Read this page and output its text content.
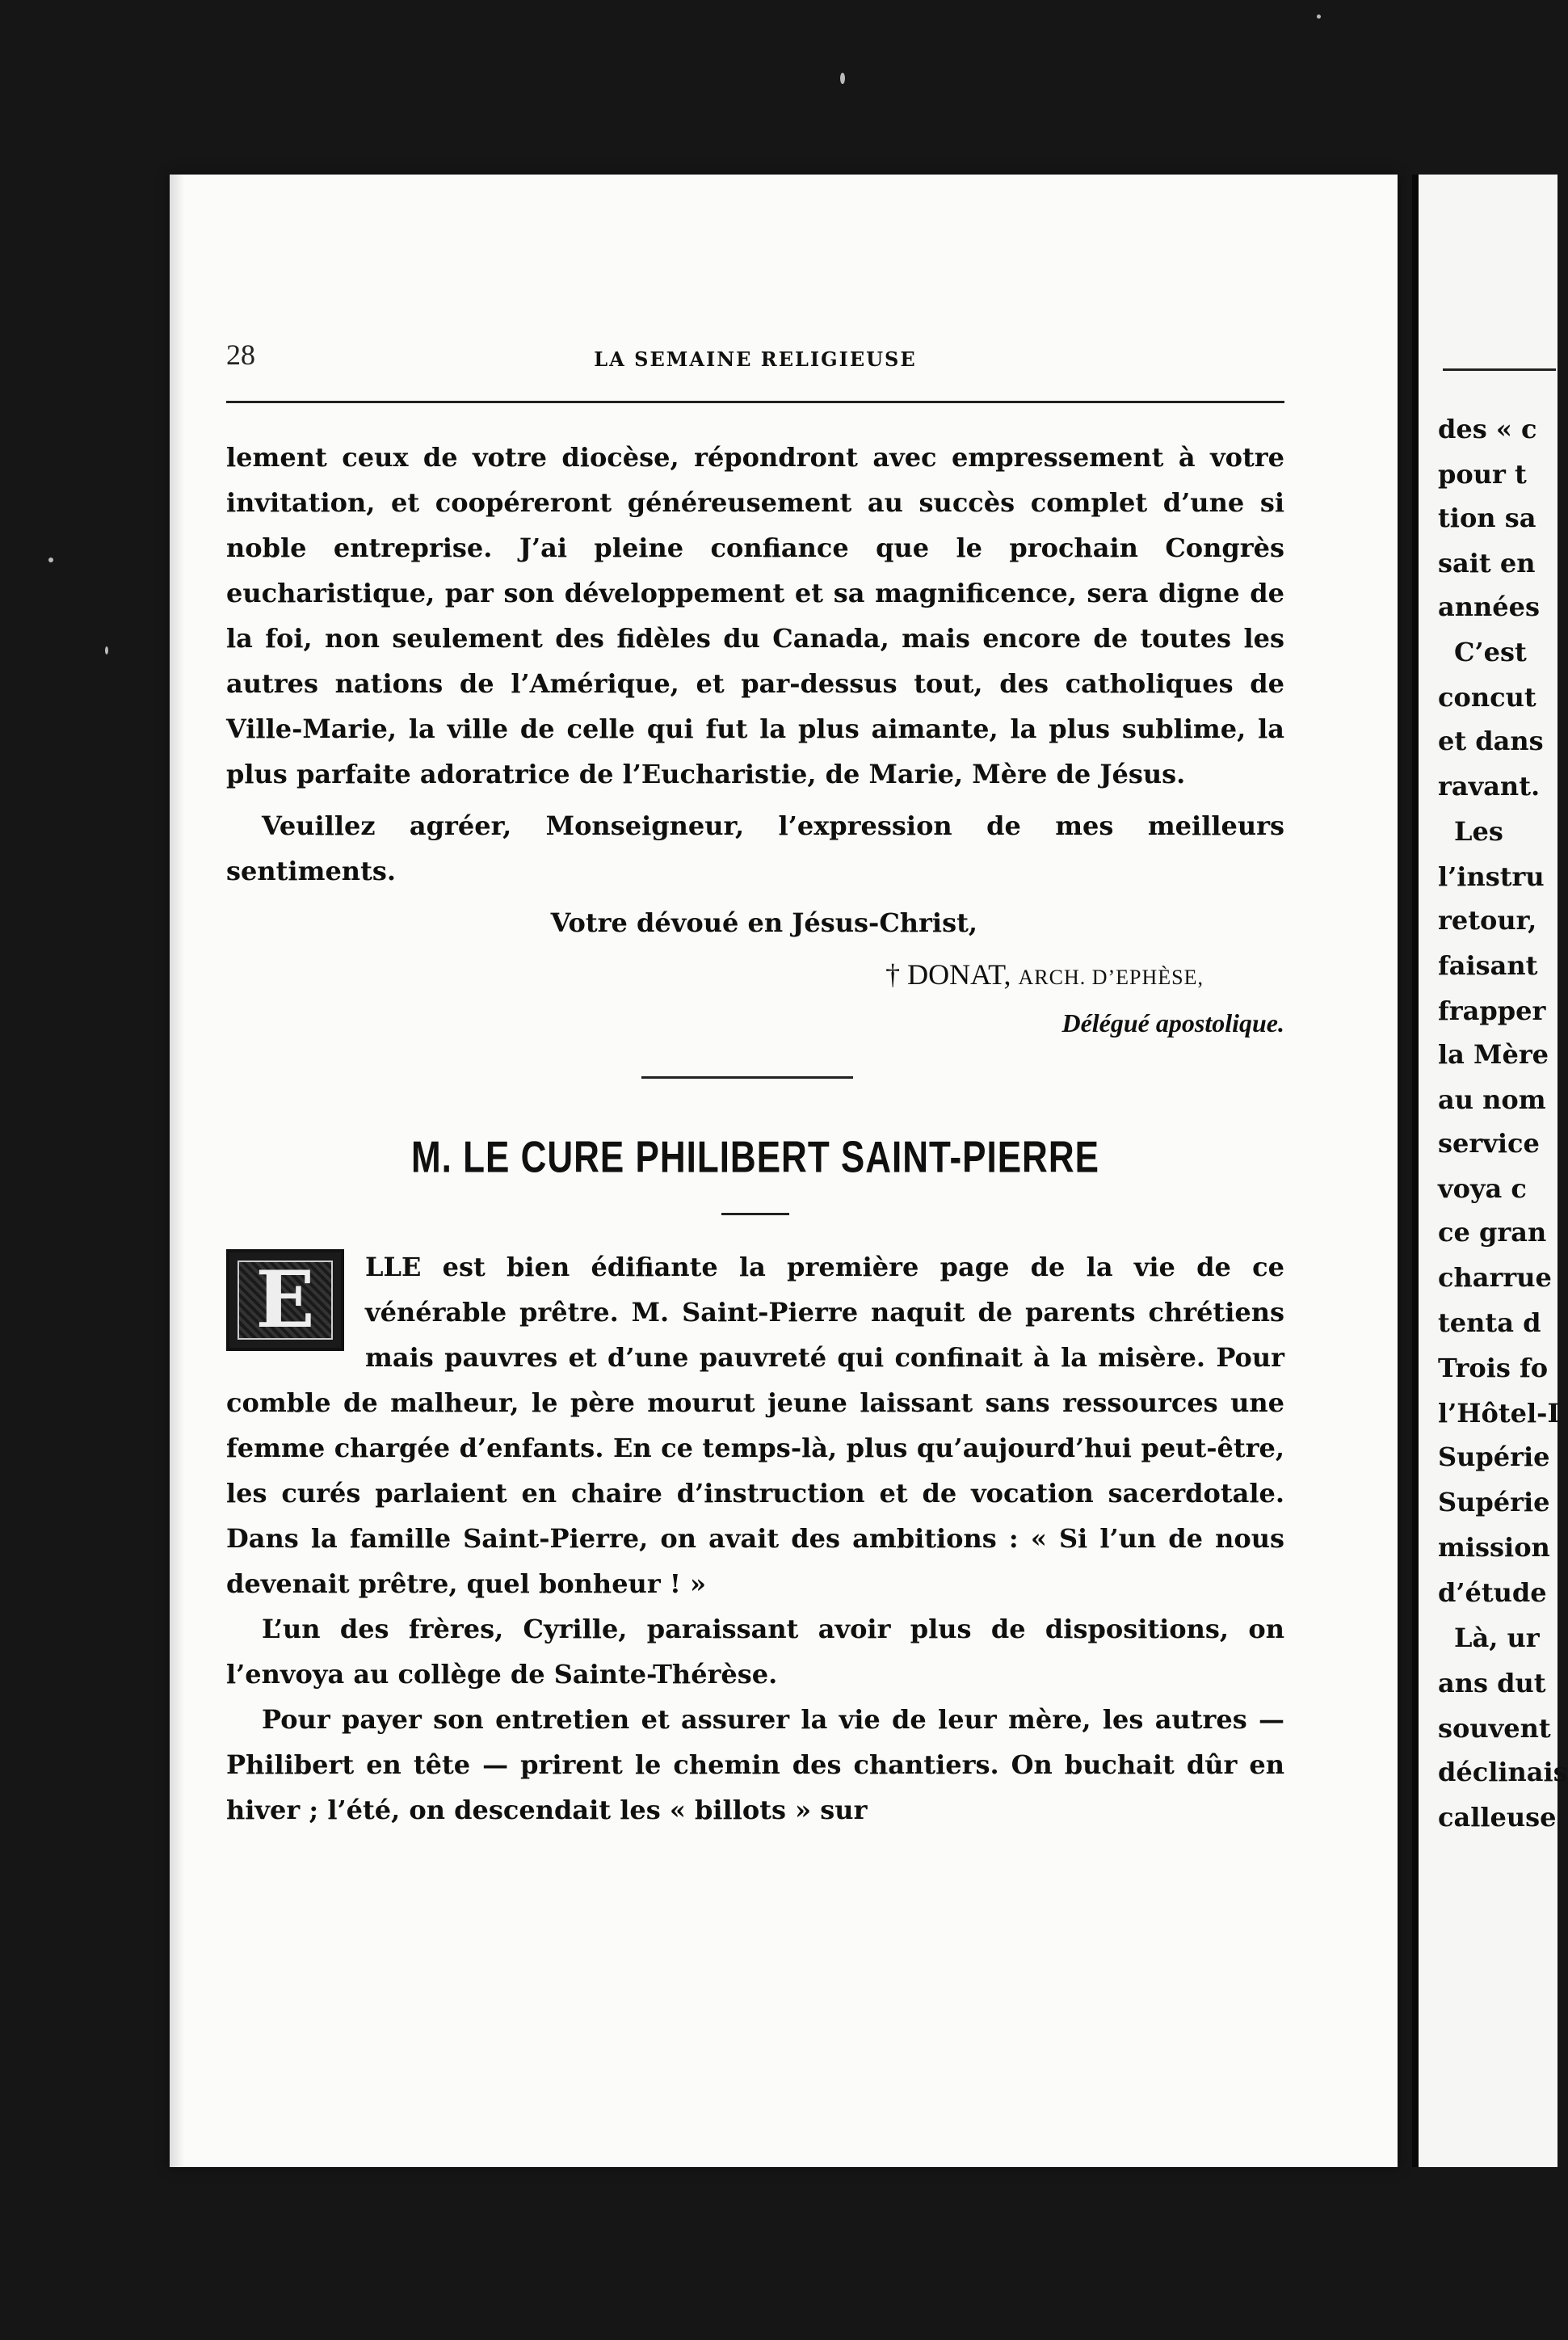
des « c
pour t
tion sa
sait en
années
C’est
concut
et dans
ravant.
Les
l’instru
retour,
faisant
frapper
la Mère
au nom
service
voya c
ce gran
charrue
tenta d
Trois fo
l’Hôtel-I
Supérie
Supérie
mission
d’étude
Là, ur
ans dut
souvent
déclinais
calleuse
28	LA SEMAINE RELIGIEUSE

lement ceux de votre diocèse, répondront avec empressement à votre invitation, et coopéreront généreusement au succès complet d’une si noble entreprise. J’ai pleine confiance que le prochain Congrès eucharistique, par son développement et sa magnificence, sera digne de la foi, non seulement des fidèles du Canada, mais encore de toutes les autres nations de l’Amérique, et par-dessus tout, des catholiques de Ville-Marie, la ville de celle qui fut la plus aimante, la plus sublime, la plus parfaite adoratrice de l’Eucharistie, de Marie, Mère de Jésus.

Veuillez agréer, Monseigneur, l’expression de mes meilleurs sentiments.

Votre dévoué en Jésus-Christ,

† DONAT, ARCH. D’EPHÈSE,

Délégué apostolique.

M. LE CURE PHILIBERT SAINT-PIERRE

E LLE est bien édifiante la première page de la vie de ce vénérable prêtre. M. Saint-Pierre naquit de parents chrétiens mais pauvres et d’une pauvreté qui confinait à la misère. Pour comble de malheur, le père mourut jeune laissant sans ressources une femme chargée d’enfants. En ce temps-là, plus qu’aujourd’hui peut-être, les curés parlaient en chaire d’instruction et de vocation sacerdotale. Dans la famille Saint-Pierre, on avait des ambitions : « Si l’un de nous devenait prêtre, quel bonheur ! »

L’un des frères, Cyrille, paraissant avoir plus de dispositions, on l’envoya au collège de Sainte-Thérèse.

Pour payer son entretien et assurer la vie de leur mère, les autres — Philibert en tête — prirent le chemin des chantiers. On buchait dûr en hiver ; l’été, on descendait les « billots » sur
